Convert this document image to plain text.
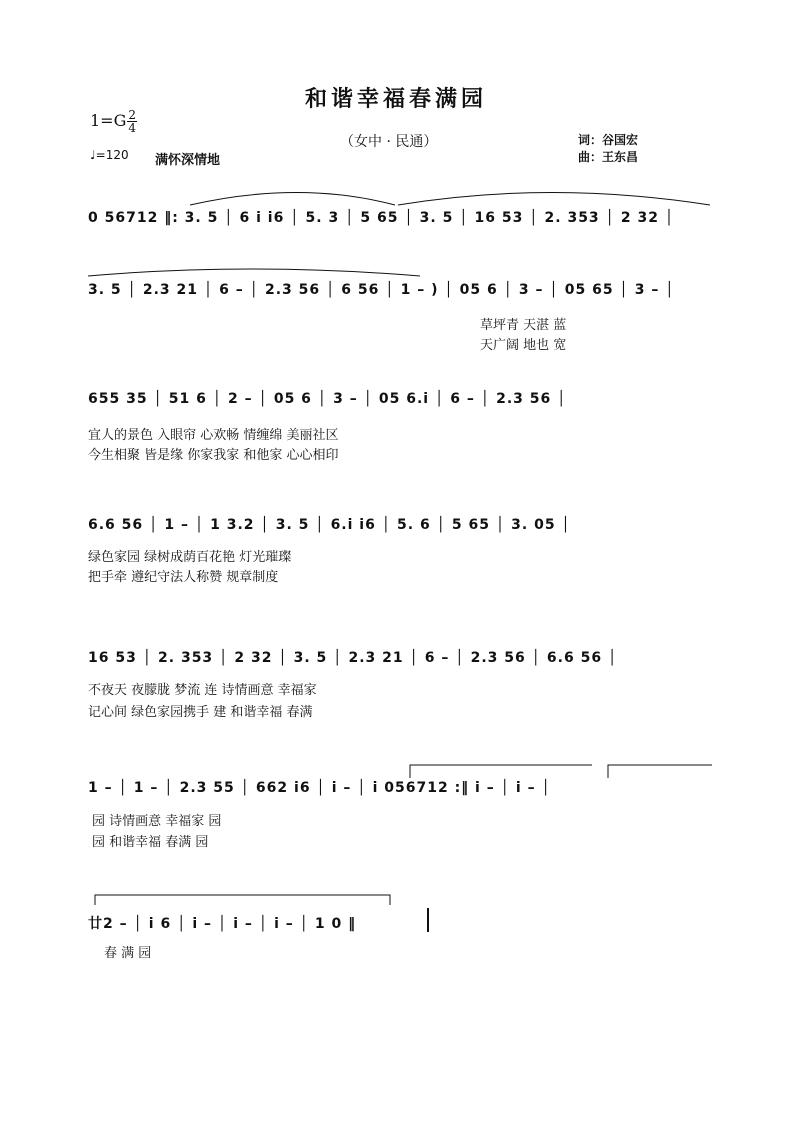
和谐幸福春满园
$1=G \frac{2}{4}$
（女中 · 民通）	词：谷国宏
曲：王东昌
♩=120 满怀深情地
0 56712 ‖: 3. 5 │ 6 i i6 │ 5. 3 │ 5 65 │ 3. 5 │ 16 53 │ 2. 353 │ 2 32 │
3. 5 │ 2.3 21 │ 6 – │ 2.3 56 │ 6 56 │ 1 – ) │ 05 6 │ 3 – │ 05 65 │ 3 – │
草坪青 天湛 蓝
天广阔 地也 宽
655 35 │ 51 6 │ 2 – │ 05 6 │ 3 – │ 05 6.i │ 6 – │ 2.3 56 │
宜人的景色 入眼帘 心欢畅 情缠绵 美丽社区
今生相聚 皆是缘 你家我家 和他家 心心相印
6.6 56 │ 1 – │ 1 3.2 │ 3. 5 │ 6.i i6 │ 5. 6 │ 5 65 │ 3. 05 │
绿色家园 绿树成荫百花艳 灯光璀璨
把手牵 遵纪守法人称赞 规章制度
16 53 │ 2. 353 │ 2 32 │ 3. 5 │ 2.3 21 │ 6 – │ 2.3 56 │ 6.6 56 │
不夜天 夜朦胧 梦流 连 诗情画意 幸福家
记心间 绿色家园携手 建 和谐幸福 春满
1 – │ 1 – │ 2.3 55 │ 662 i6 │ i – │ i 056712 :‖ i – │ i – │
园 诗情画意 幸福家 园
园 和谐幸福 春满 园
廿2 – │ i 6 │ i – │ i – │ i – │ 1 0 ‖
春 满 园
